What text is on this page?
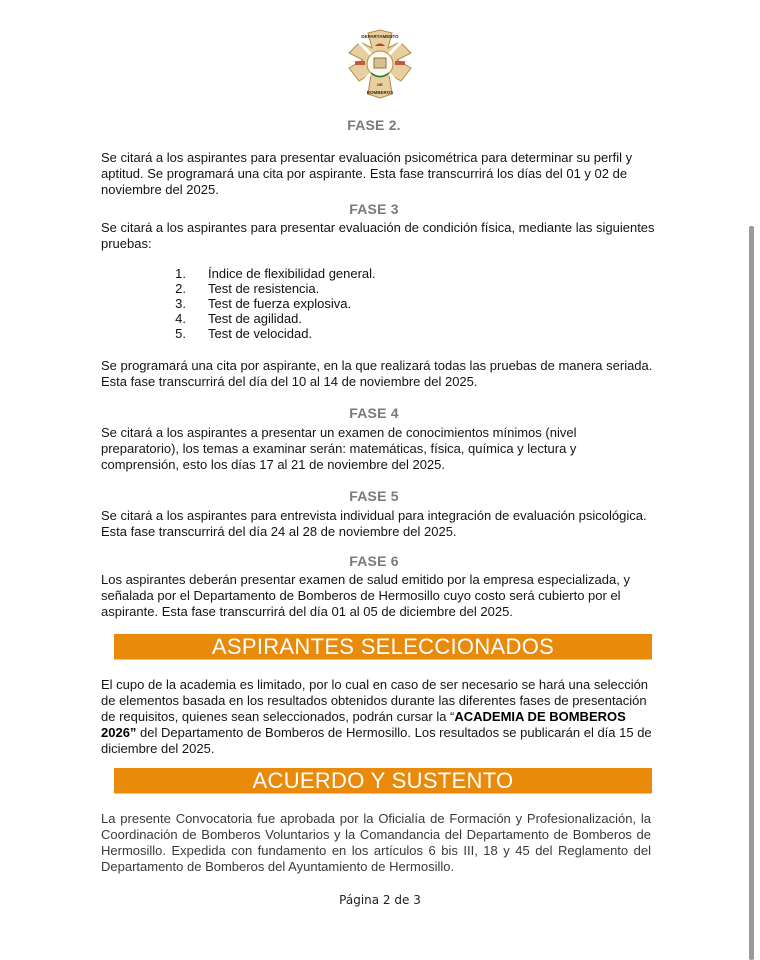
DEPARTAMENTO
DE
BOMBEROS
FASE 2.
Se citará a los aspirantes para presentar evaluación psicométrica para determinar su perfil y aptitud. Se programará una cita por aspirante. Esta fase transcurrirá los días del 01 y 02 de noviembre del 2025.
FASE 3
Se citará a los aspirantes para presentar evaluación de condición física, mediante las siguientes pruebas:
1.	Índice de flexibilidad general.
2.	Test de resistencia.
3.	Test de fuerza explosiva.
4.	Test de agilidad.
5.	Test de velocidad.
Se programará una cita por aspirante, en la que realizará todas las pruebas de manera seriada. Esta fase transcurrirá del día del 10 al 14 de noviembre del 2025.
FASE 4
Se citará a los aspirantes a presentar un examen de conocimientos mínimos (nivel preparatorio), los temas a examinar serán: matemáticas, física, química y lectura y comprensión, esto los días 17 al 21 de noviembre del 2025.
FASE 5
Se citará a los aspirantes para entrevista individual para integración de evaluación psicológica. Esta fase transcurrirá del día 24 al 28 de noviembre del 2025.
FASE 6
Los aspirantes deberán presentar examen de salud emitido por la empresa especializada, y señalada por el Departamento de Bomberos de Hermosillo cuyo costo será cubierto por el aspirante. Esta fase transcurrirá del día 01 al 05 de diciembre del 2025.
ASPIRANTES SELECCIONADOS
El cupo de la academia es limitado, por lo cual en caso de ser necesario se hará una selección de elementos basada en los resultados obtenidos durante las diferentes fases de presentación de requisitos, quienes sean seleccionados, podrán cursar la “ACADEMIA DE BOMBEROS 2026” del Departamento de Bomberos de Hermosillo. Los resultados se publicarán el día 15 de diciembre del 2025.
ACUERDO Y SUSTENTO
La presente Convocatoria fue aprobada por la Oficialía de Formación y Profesionalización, la Coordinación de Bomberos Voluntarios y la Comandancia del Departamento de Bomberos de Hermosillo. Expedida con fundamento en los artículos 6 bis III, 18 y 45 del Reglamento del Departamento de Bomberos del Ayuntamiento de Hermosillo.
Página 2 de 3
